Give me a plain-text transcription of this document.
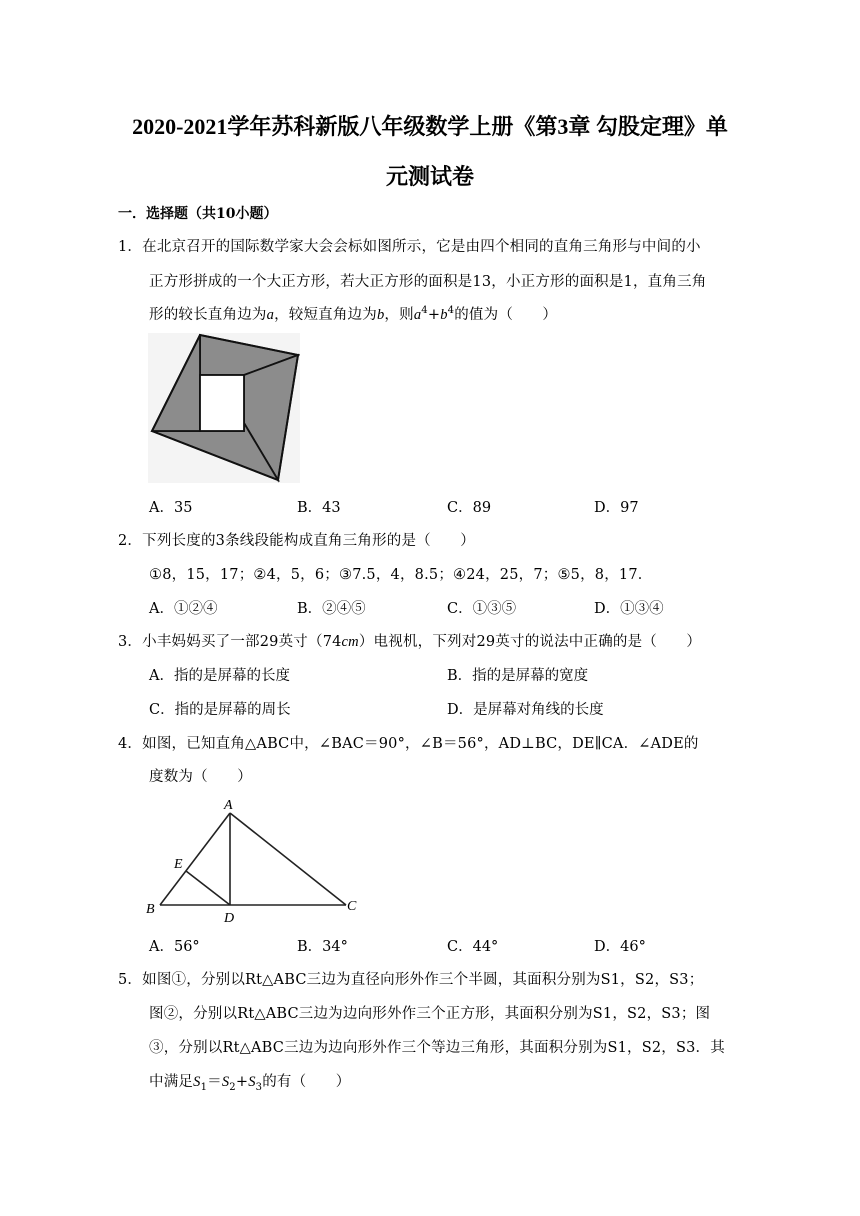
2020-2021学年苏科新版八年级数学上册《第3章 勾股定理》单
元测试卷
一．选择题（共10小题）
1．在北京召开的国际数学家大会会标如图所示，它是由四个相同的直角三角形与中间的小
正方形拼成的一个大正方形，若大正方形的面积是13，小正方形的面积是1，直角三角
形的较长直角边为a，较短直角边为b，则$a^4+b^4$的值为（　　）
A．35	B．43	C．89	D．97
2．下列长度的3条线段能构成直角三角形的是（　　）
①8，15，17；②4，5，6；③7.5，4，8.5；④24，25，7；⑤5，8，17．
A．①②④	B．②④⑤	C．①③⑤	D．①③④
3．小丰妈妈买了一部29英寸（74cm）电视机，下列对29英寸的说法中正确的是（　　）
A．指的是屏幕的长度	B．指的是屏幕的宽度
C．指的是屏幕的周长	D．是屏幕对角线的长度
4．如图，已知直角△ABC中，∠BAC＝90°，∠B＝56°，AD⊥BC，DE∥CA．∠ADE的
度数为（　　）
A
B	C
D
E
A．56°	B．34°	C．44°	D．46°
5．如图①，分别以Rt△ABC三边为直径向形外作三个半圆，其面积分别为S1，S2，S3；
图②，分别以Rt△ABC三边为边向形外作三个正方形，其面积分别为S1，S2，S3；图
③，分别以Rt△ABC三边为边向形外作三个等边三角形，其面积分别为S1，S2，S3．其
中满足$S_1=S_2+S_3$的有（　　）
